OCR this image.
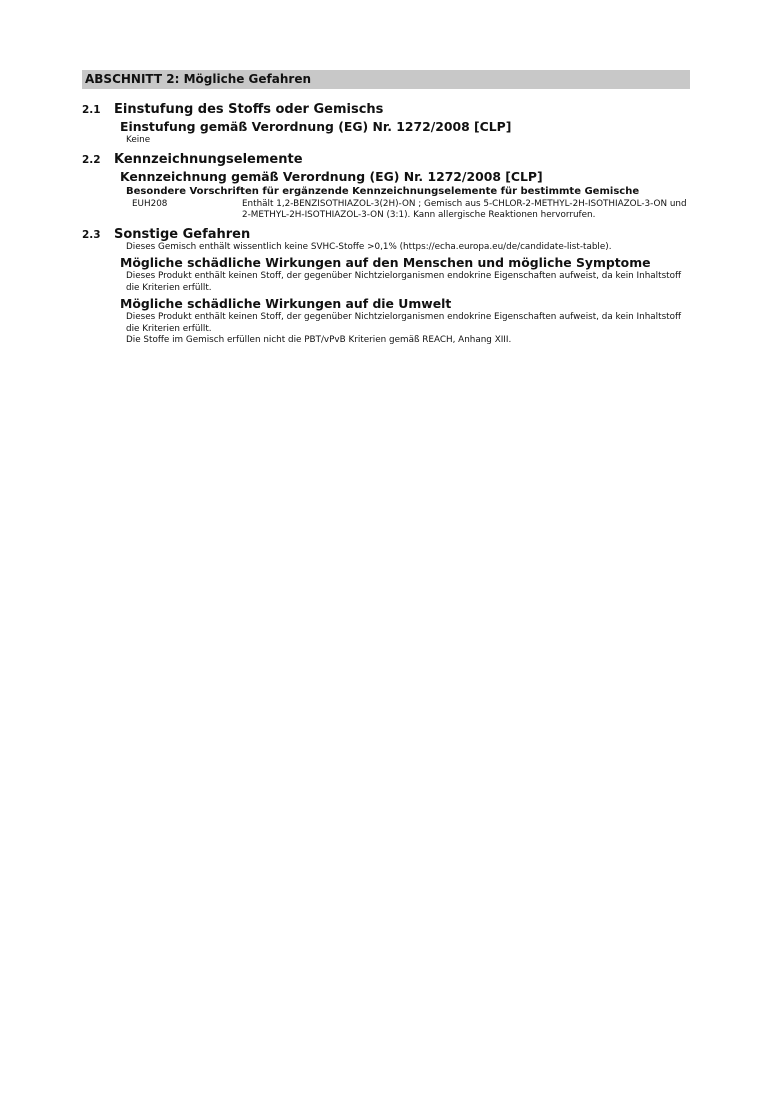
ABSCHNITT 2: Mögliche Gefahren
2.1	Einstufung des Stoffs oder Gemischs
Einstufung gemäß Verordnung (EG) Nr. 1272/2008 [CLP]
Keine
2.2	Kennzeichnungselemente
Kennzeichnung gemäß Verordnung (EG) Nr. 1272/2008 [CLP]
Besondere Vorschriften für ergänzende Kennzeichnungselemente für bestimmte Gemische
EUH208	Enthält 1,2-BENZISOTHIAZOL-3(2H)-ON ; Gemisch aus 5-CHLOR-2-METHYL-2H-ISOTHIAZOL-3-ON und 2-METHYL-2H-ISOTHIAZOL-3-ON (3:1). Kann allergische Reaktionen hervorrufen.
2.3	Sonstige Gefahren
Dieses Gemisch enthält wissentlich keine SVHC-Stoffe >0,1% (https://echa.europa.eu/de/candidate-list-table).
Mögliche schädliche Wirkungen auf den Menschen und mögliche Symptome
Dieses Produkt enthält keinen Stoff, der gegenüber Nichtzielorganismen endokrine Eigenschaften aufweist, da kein Inhaltstoff die Kriterien erfüllt.
Mögliche schädliche Wirkungen auf die Umwelt
Dieses Produkt enthält keinen Stoff, der gegenüber Nichtzielorganismen endokrine Eigenschaften aufweist, da kein Inhaltstoff die Kriterien erfüllt.
Die Stoffe im Gemisch erfüllen nicht die PBT/vPvB Kriterien gemäß REACH, Anhang XIII.
